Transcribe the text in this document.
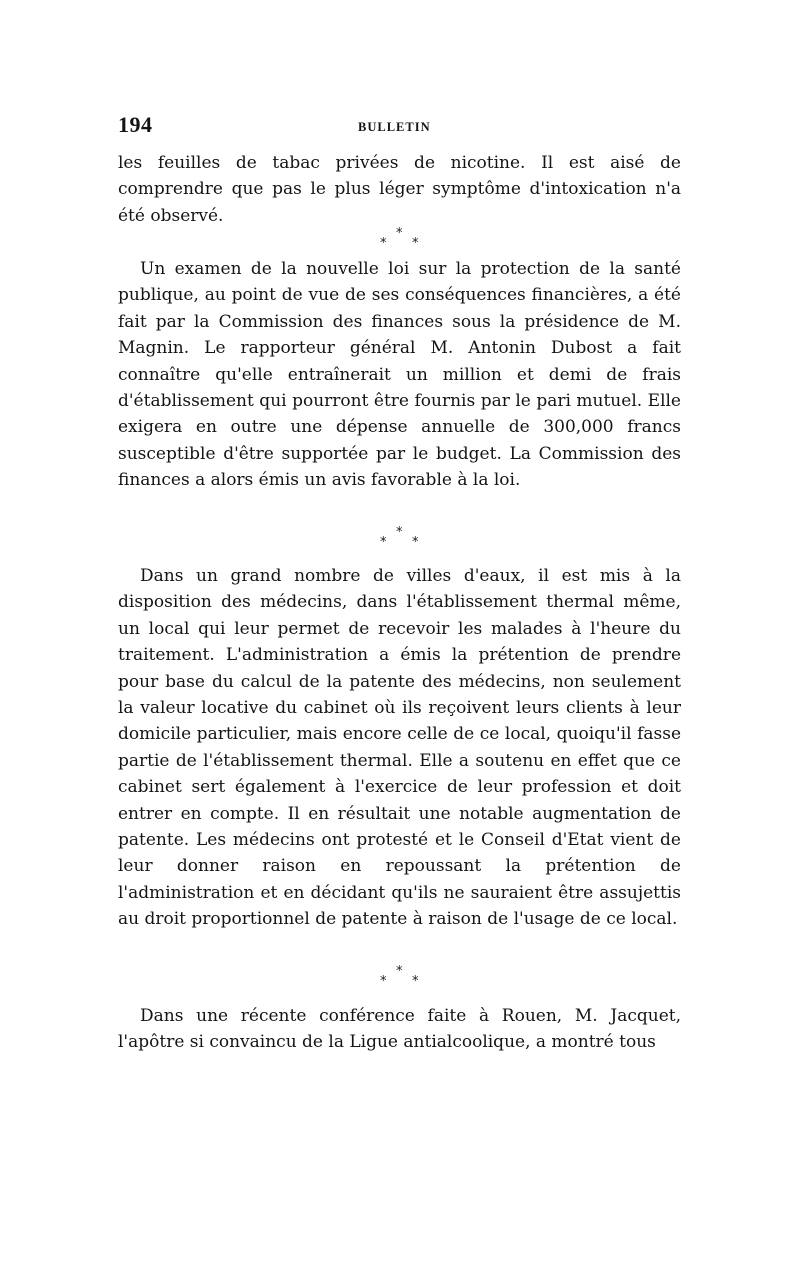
194	BULLETIN

les feuilles de tabac privées de nicotine. Il est aisé de comprendre que pas le plus léger symptôme d'intoxication n'a été observé.

*
* *

Un examen de la nouvelle loi sur la protection de la santé publique, au point de vue de ses conséquences financières, a été fait par la Commission des finances sous la présidence de M. Magnin. Le rapporteur général M. Antonin Dubost a fait connaître qu'elle entraînerait un million et demi de frais d'établissement qui pourront être fournis par le pari mutuel. Elle exigera en outre une dépense annuelle de 300,000 francs susceptible d'être supportée par le budget. La Commission des finances a alors émis un avis favorable à la loi.

*
* *

Dans un grand nombre de villes d'eaux, il est mis à la disposition des médecins, dans l'établissement thermal même, un local qui leur permet de recevoir les malades à l'heure du traitement. L'administration a émis la prétention de prendre pour base du calcul de la patente des médecins, non seulement la valeur locative du cabinet où ils reçoivent leurs clients à leur domicile particulier, mais encore celle de ce local, quoiqu'il fasse partie de l'établissement thermal. Elle a soutenu en effet que ce cabinet sert également à l'exercice de leur profession et doit entrer en compte. Il en résultait une notable augmentation de patente. Les médecins ont protesté et le Conseil d'Etat vient de leur donner raison en repoussant la prétention de l'administration et en décidant qu'ils ne sauraient être assujettis au droit proportionnel de patente à raison de l'usage de ce local.

*
* *

Dans une récente conférence faite à Rouen, M. Jacquet, l'apôtre si convaincu de la Ligue antialcoolique, a montré tous
